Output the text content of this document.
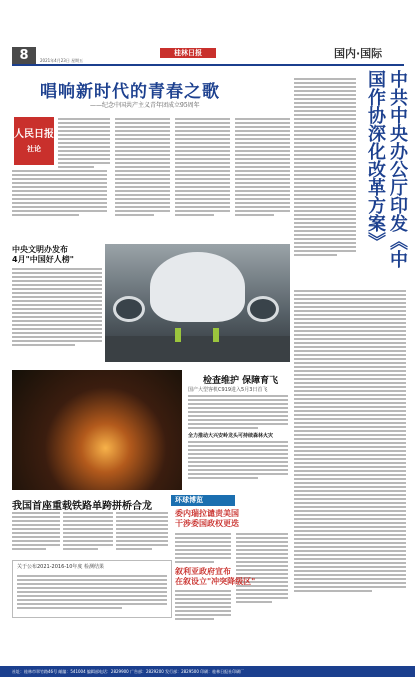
8	2021年4月23日 星期五
桂林日报	国内·国际
唱响新时代的青春之歌
——纪念中国共产主义青年团成立95周年
人民日报
社论
中央文明办发布
4月"中国好人榜"	中共中央办公厅印发《中国作协深化改革方案》
检查维护 保障育飞
国产大型客机C919进入5月3日首飞
全力推动大兴安岭龙头可持续森林火灾
我国首座重载铁路单跨拼桥合龙
关于公布2021-2016-10年度 检测结果
环球博览
委内瑞拉谴责美国
干涉委国政权更迭
叙利亚政府宣布
在叙设立"冲突降级区"
社址：桂林市翠竹路46号 邮编：541004 编辑部电话：2829900 广告部：2829200 发行部：2829500 印刷：桂林日报社印刷厂
